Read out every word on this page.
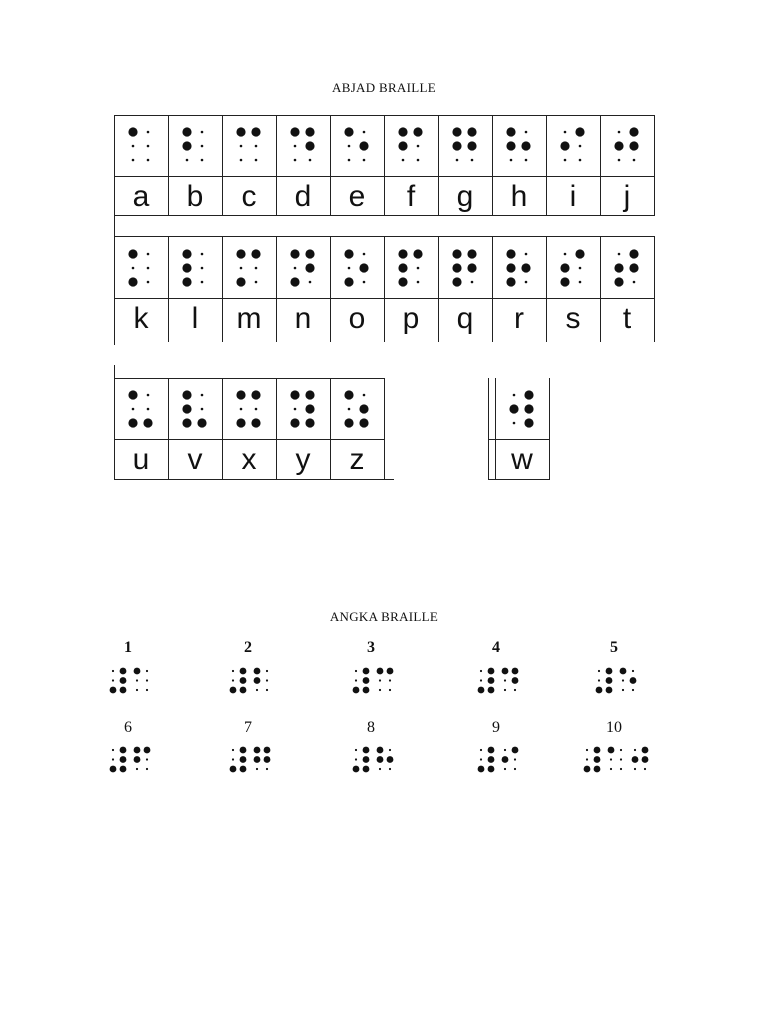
ABJAD BRAILLE
ANGKA BRAILLE
a	b	c	d	e	f	g	h	i	j
k	l	m	n	o	p	q	r	s	t
u	v	x	y	z	w
1	2	3	4	5
6	7	8	9	10
